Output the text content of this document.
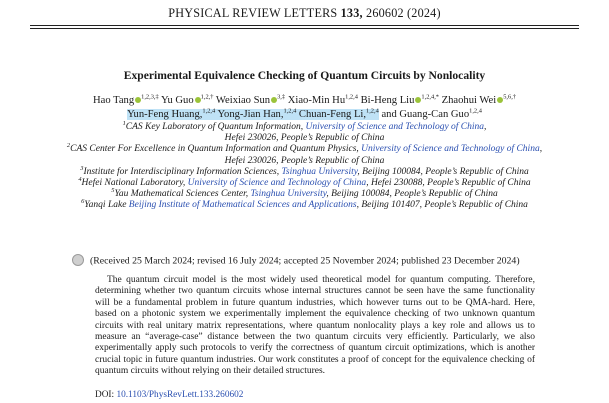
PHYSICAL REVIEW LETTERS 133, 260602 (2024)
Experimental Equivalence Checking of Quantum Circuits by Nonlocality
Hao Tang $^{1,2,3,\ddagger}$ Yu Guo $^{1,2,\dagger}$ Weixiao Sun $^{3,\ddagger}$ Xiao-Min Hu$^{1,2,4}$ Bi-Heng Liu $^{1,2,4,*}$ Zhaohui Wei $^{5,6,\dagger}$
Yun-Feng Huang,$^{1,2,4}$ Yong-Jian Han,$^{1,2,4}$ Chuan-Feng Li,$^{1,2,4}$ and Guang-Can Guo$^{1,2,4}$
$^1$CAS Key Laboratory of Quantum Information, University of Science and Technology of China,
Hefei 230026, People’s Republic of China
$^2$CAS Center For Excellence in Quantum Information and Quantum Physics, University of Science and Technology of China,
Hefei 230026, People’s Republic of China
$^3$Institute for Interdisciplinary Information Sciences, Tsinghua University, Beijing 100084, People’s Republic of China
$^4$Hefei National Laboratory, University of Science and Technology of China, Hefei 230088, People’s Republic of China
$^5$Yau Mathematical Sciences Center, Tsinghua University, Beijing 100084, People’s Republic of China
$^6$Yanqi Lake Beijing Institute of Mathematical Sciences and Applications, Beijing 101407, People’s Republic of China
(Received 25 March 2024; revised 16 July 2024; accepted 25 November 2024; published 23 December 2024)
The quantum circuit model is the most widely used theoretical model for quantum computing. Therefore, determining whether two quantum circuits whose internal structures cannot be seen have the same functionality will be a fundamental problem in future quantum industries, which however turns out to be QMA-hard. Here, based on a photonic system we experimentally implement the equivalence checking of two unknown quantum circuits with real unitary matrix representations, where quantum nonlocality plays a key role and allows us to measure an “average-case” distance between the two quantum circuits very efficiently. Particularly, we also experimentally apply such protocols to verify the correctness of quantum circuit optimizations, which is another crucial topic in future quantum industries. Our work constitutes a proof of concept for the equivalence checking of quantum circuits without relying on their detailed structures.
DOI: 10.1103/PhysRevLett.133.260602
